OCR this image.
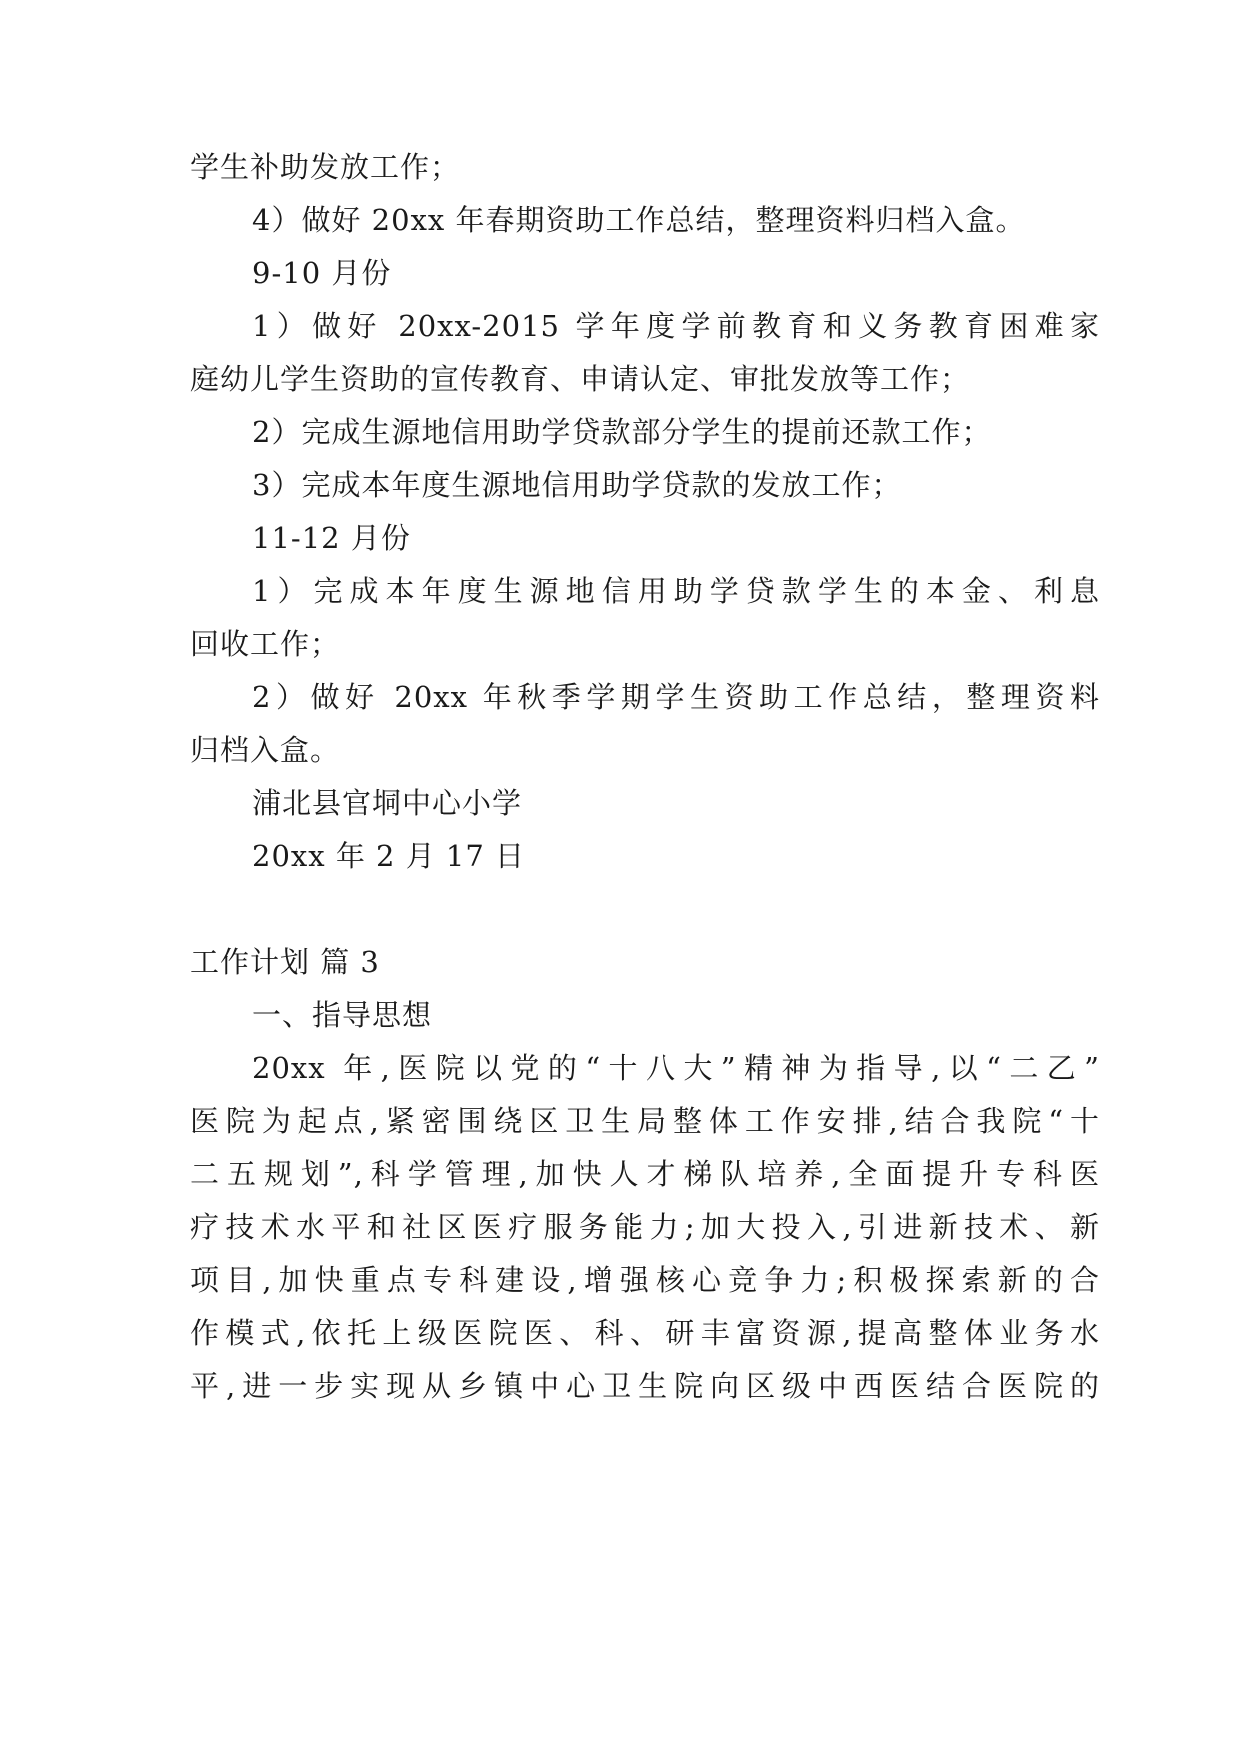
学生补助发放工作；
4）做好 20xx 年春期资助工作总结，整理资料归档入盒。
9-10 月份
1）做好 20xx-2015 学年度学前教育和义务教育困难家
庭幼儿学生资助的宣传教育、申请认定、审批发放等工作；
2）完成生源地信用助学贷款部分学生的提前还款工作；
3）完成本年度生源地信用助学贷款的发放工作；
11-12 月份
1）完成本年度生源地信用助学贷款学生的本金、利息
回收工作；
2）做好 20xx 年秋季学期学生资助工作总结，整理资料
归档入盒。
浦北县官垌中心小学
20xx 年 2 月 17 日
工作计划 篇 3
一、指导思想
20xx 年,医院以党的“十八大”精神为指导,以“二乙”
医院为起点,紧密围绕区卫生局整体工作安排,结合我院“十
二五规划”,科学管理,加快人才梯队培养,全面提升专科医
疗技术水平和社区医疗服务能力;加大投入,引进新技术、新
项目,加快重点专科建设,增强核心竞争力;积极探索新的合
作模式,依托上级医院医、科、研丰富资源,提高整体业务水
平,进一步实现从乡镇中心卫生院向区级中西医结合医院的
